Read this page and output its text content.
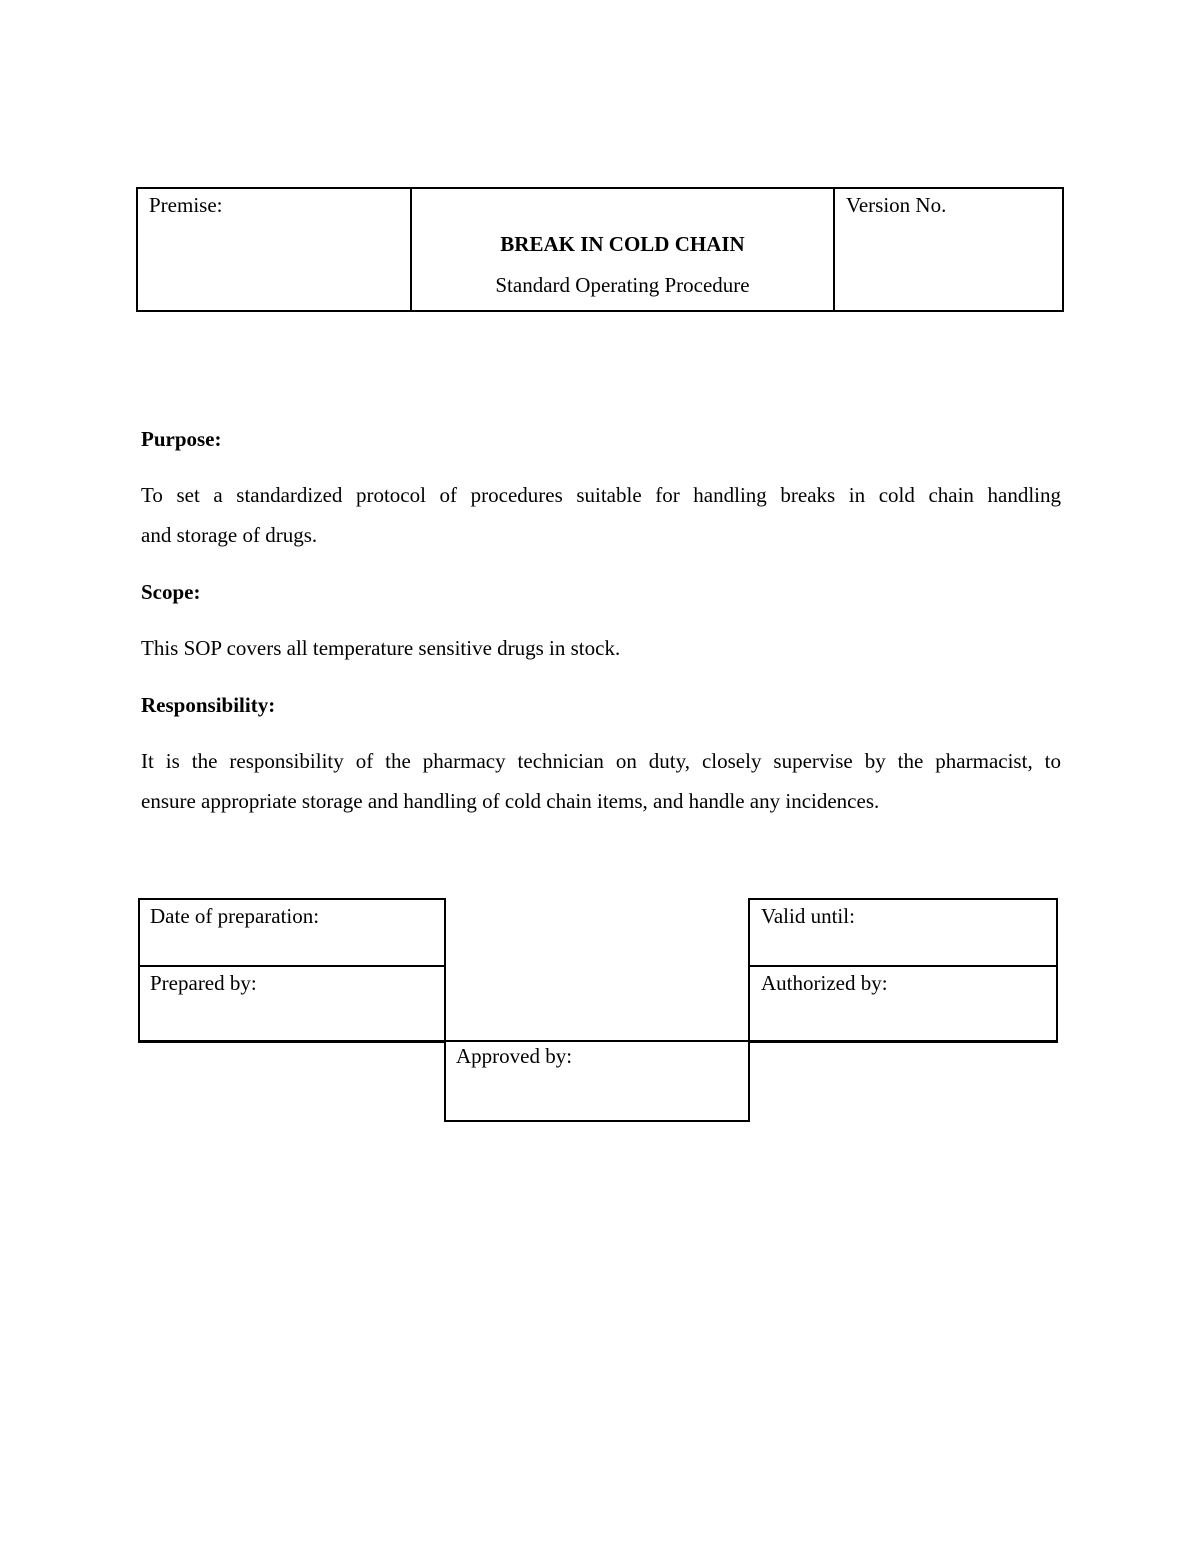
Premise:
BREAK IN COLD CHAIN
Standard Operating Procedure
Version No.
Purpose:
To set a standardized protocol of procedures suitable for handling breaks in cold chain handling
and storage of drugs.
Scope:
This SOP covers all temperature sensitive drugs in stock.
Responsibility:
It is the responsibility of the pharmacy technician on duty, closely supervise by the pharmacist, to
ensure appropriate storage and handling of cold chain items, and handle any incidences.
Date of preparation:
Prepared by:
Valid until:
Authorized by:
Approved by:
